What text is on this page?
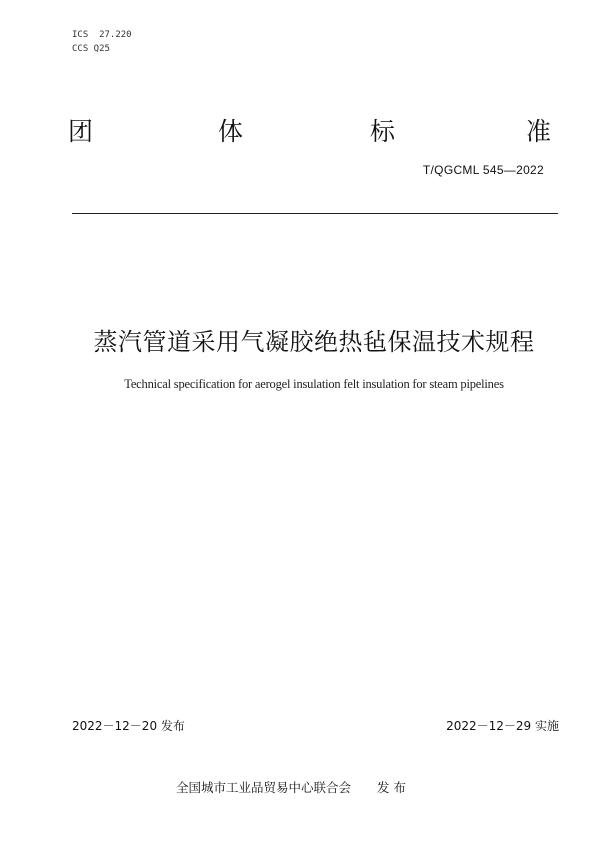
ICS  27.220
CCS Q25
团	体	标	准
T/QGCML 545—2022
蒸汽管道采用气凝胶绝热毡保温技术规程
Technical specification for aerogel insulation felt insulation for steam pipelines
2022－12－20 发布	2022－12－29 实施
全国城市工业品贸易中心联合会 发 布
